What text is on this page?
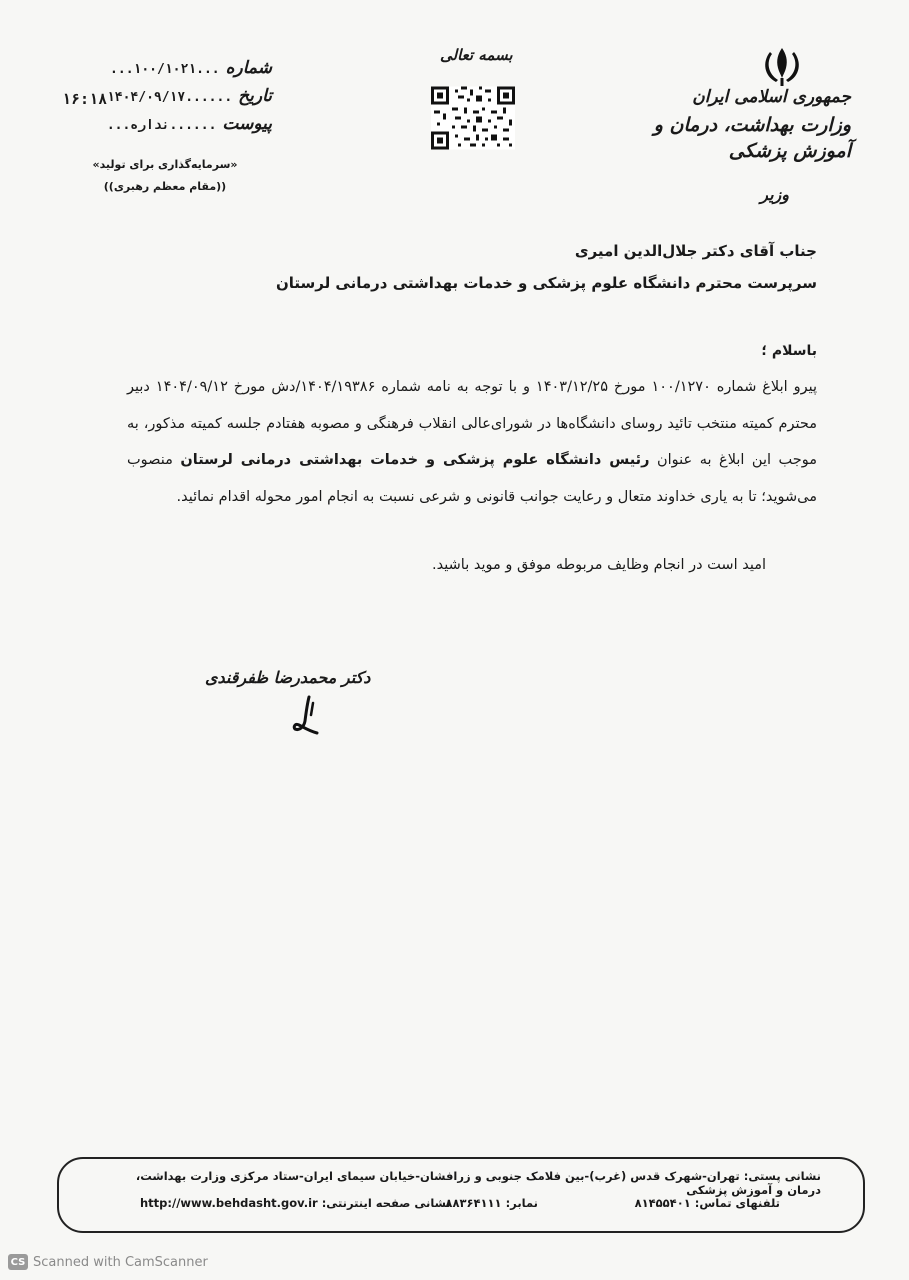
جمهوری اسلامی ایران
وزارت بهداشت، درمان و آموزش پزشکی
وزیر
بسمه تعالی
شماره
...۱۰۰/۱۰۲۱...
تاریخ
۱۴۰۴/۰۹/۱۷......
پیوست
...نداره......
۱۶:۱۸
«سرمایه‌گذاری برای تولید»
((مقام معظم رهبری))
جناب آقای دکتر جلال‌الدین امیری
سرپرست محترم دانشگاه علوم پزشکی و خدمات بهداشتی درمانی لرستان
باسلام ؛
پیرو ابلاغ شماره ۱۰۰/۱۲۷۰ مورخ ۱۴۰۳/۱۲/۲۵ و با توجه به نامه شماره ۱۴۰۴/۱۹۳۸۶/دش مورخ ۱۴۰۴/۰۹/۱۲ دبیر محترم کمیته منتخب تائید روسای دانشگاه‌ها در شورای‌عالی انقلاب فرهنگی و مصوبه هفتادم جلسه کمیته مذکور، به موجب این ابلاغ به عنوان رئیس دانشگاه علوم پزشکی و خدمات بهداشتی درمانی لرستان منصوب می‌شوید؛ تا به یاری خداوند متعال و رعایت جوانب قانونی و شرعی نسبت به انجام امور محوله اقدام نمائید.
امید است در انجام وظایف مربوطه موفق و موید باشید.
دکتر محمدرضا ظفرقندی
نشانی پستی: تهران-شهرک قدس (غرب)-بین فلامک جنوبی و زرافشان-خیابان سیمای ایران-ستاد مرکزی وزارت بهداشت، درمان و آموزش پزشکی
تلفنهای تماس: ۸۱۴۵۵۴۰۱
نمابر: ۸۸۳۶۴۱۱۱
نشانی صفحه اینترنتی: http://www.behdasht.gov.ir
CS Scanned with CamScanner
